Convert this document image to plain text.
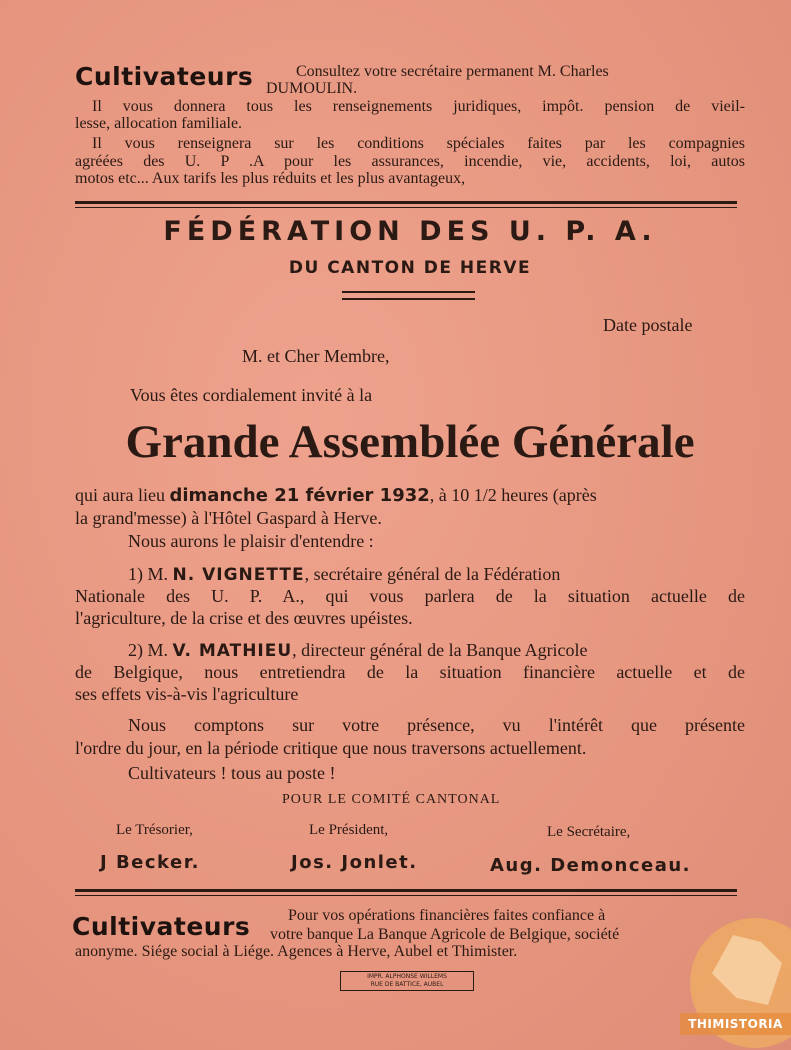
Cultivateurs	Consultez votre secrétaire permanent M. Charles
DUMOULIN.
Il vous donnera tous les renseignements juridiques, impôt. pension de vieil-
lesse, allocation familiale.
Il vous renseignera sur les conditions spéciales faites par les compagnies
agréées des U. P .A pour les assurances, incendie, vie, accidents, loi, autos
motos etc... Aux tarifs les plus réduits et les plus avantageux,
FÉDÉRATION DES U. P. A.
DU CANTON DE HERVE
Date postale
M. et Cher Membre,
Vous êtes cordialement invité à la
Grande Assemblée Générale
qui aura lieu dimanche 21 février 1932, à 10 1/2 heures (après
la grand'messe) à l'Hôtel Gaspard à Herve.
Nous aurons le plaisir d'entendre :
1) M. N. VIGNETTE, secrétaire général de la Fédération
Nationale des U. P. A., qui vous parlera de la situation actuelle de
l'agriculture, de la crise et des œuvres upéistes.
2) M. V. MATHIEU, directeur général de la Banque Agricole
de Belgique, nous entretiendra de la situation financière actuelle et de
ses effets vis-à-vis l'agriculture
Nous comptons sur votre présence, vu l'intérêt que présente
l'ordre du jour, en la période critique que nous traversons actuellement.
Cultivateurs ! tous au poste !
POUR LE COMITÉ CANTONAL
Le Trésorier,	Le Président,	Le Secrétaire,
J Becker.	Jos. Jonlet.	Aug. Demonceau.
Cultivateurs Pour vos opérations financières faites confiance à
votre banque La Banque Agricole de Belgique, société
anonyme. Siége social à Liége. Agences à Herve, Aubel et Thimister.
IMPR. ALPHONSE WILLEMS
RUE DE BATTICE, AUBEL
THIMISTORIA
